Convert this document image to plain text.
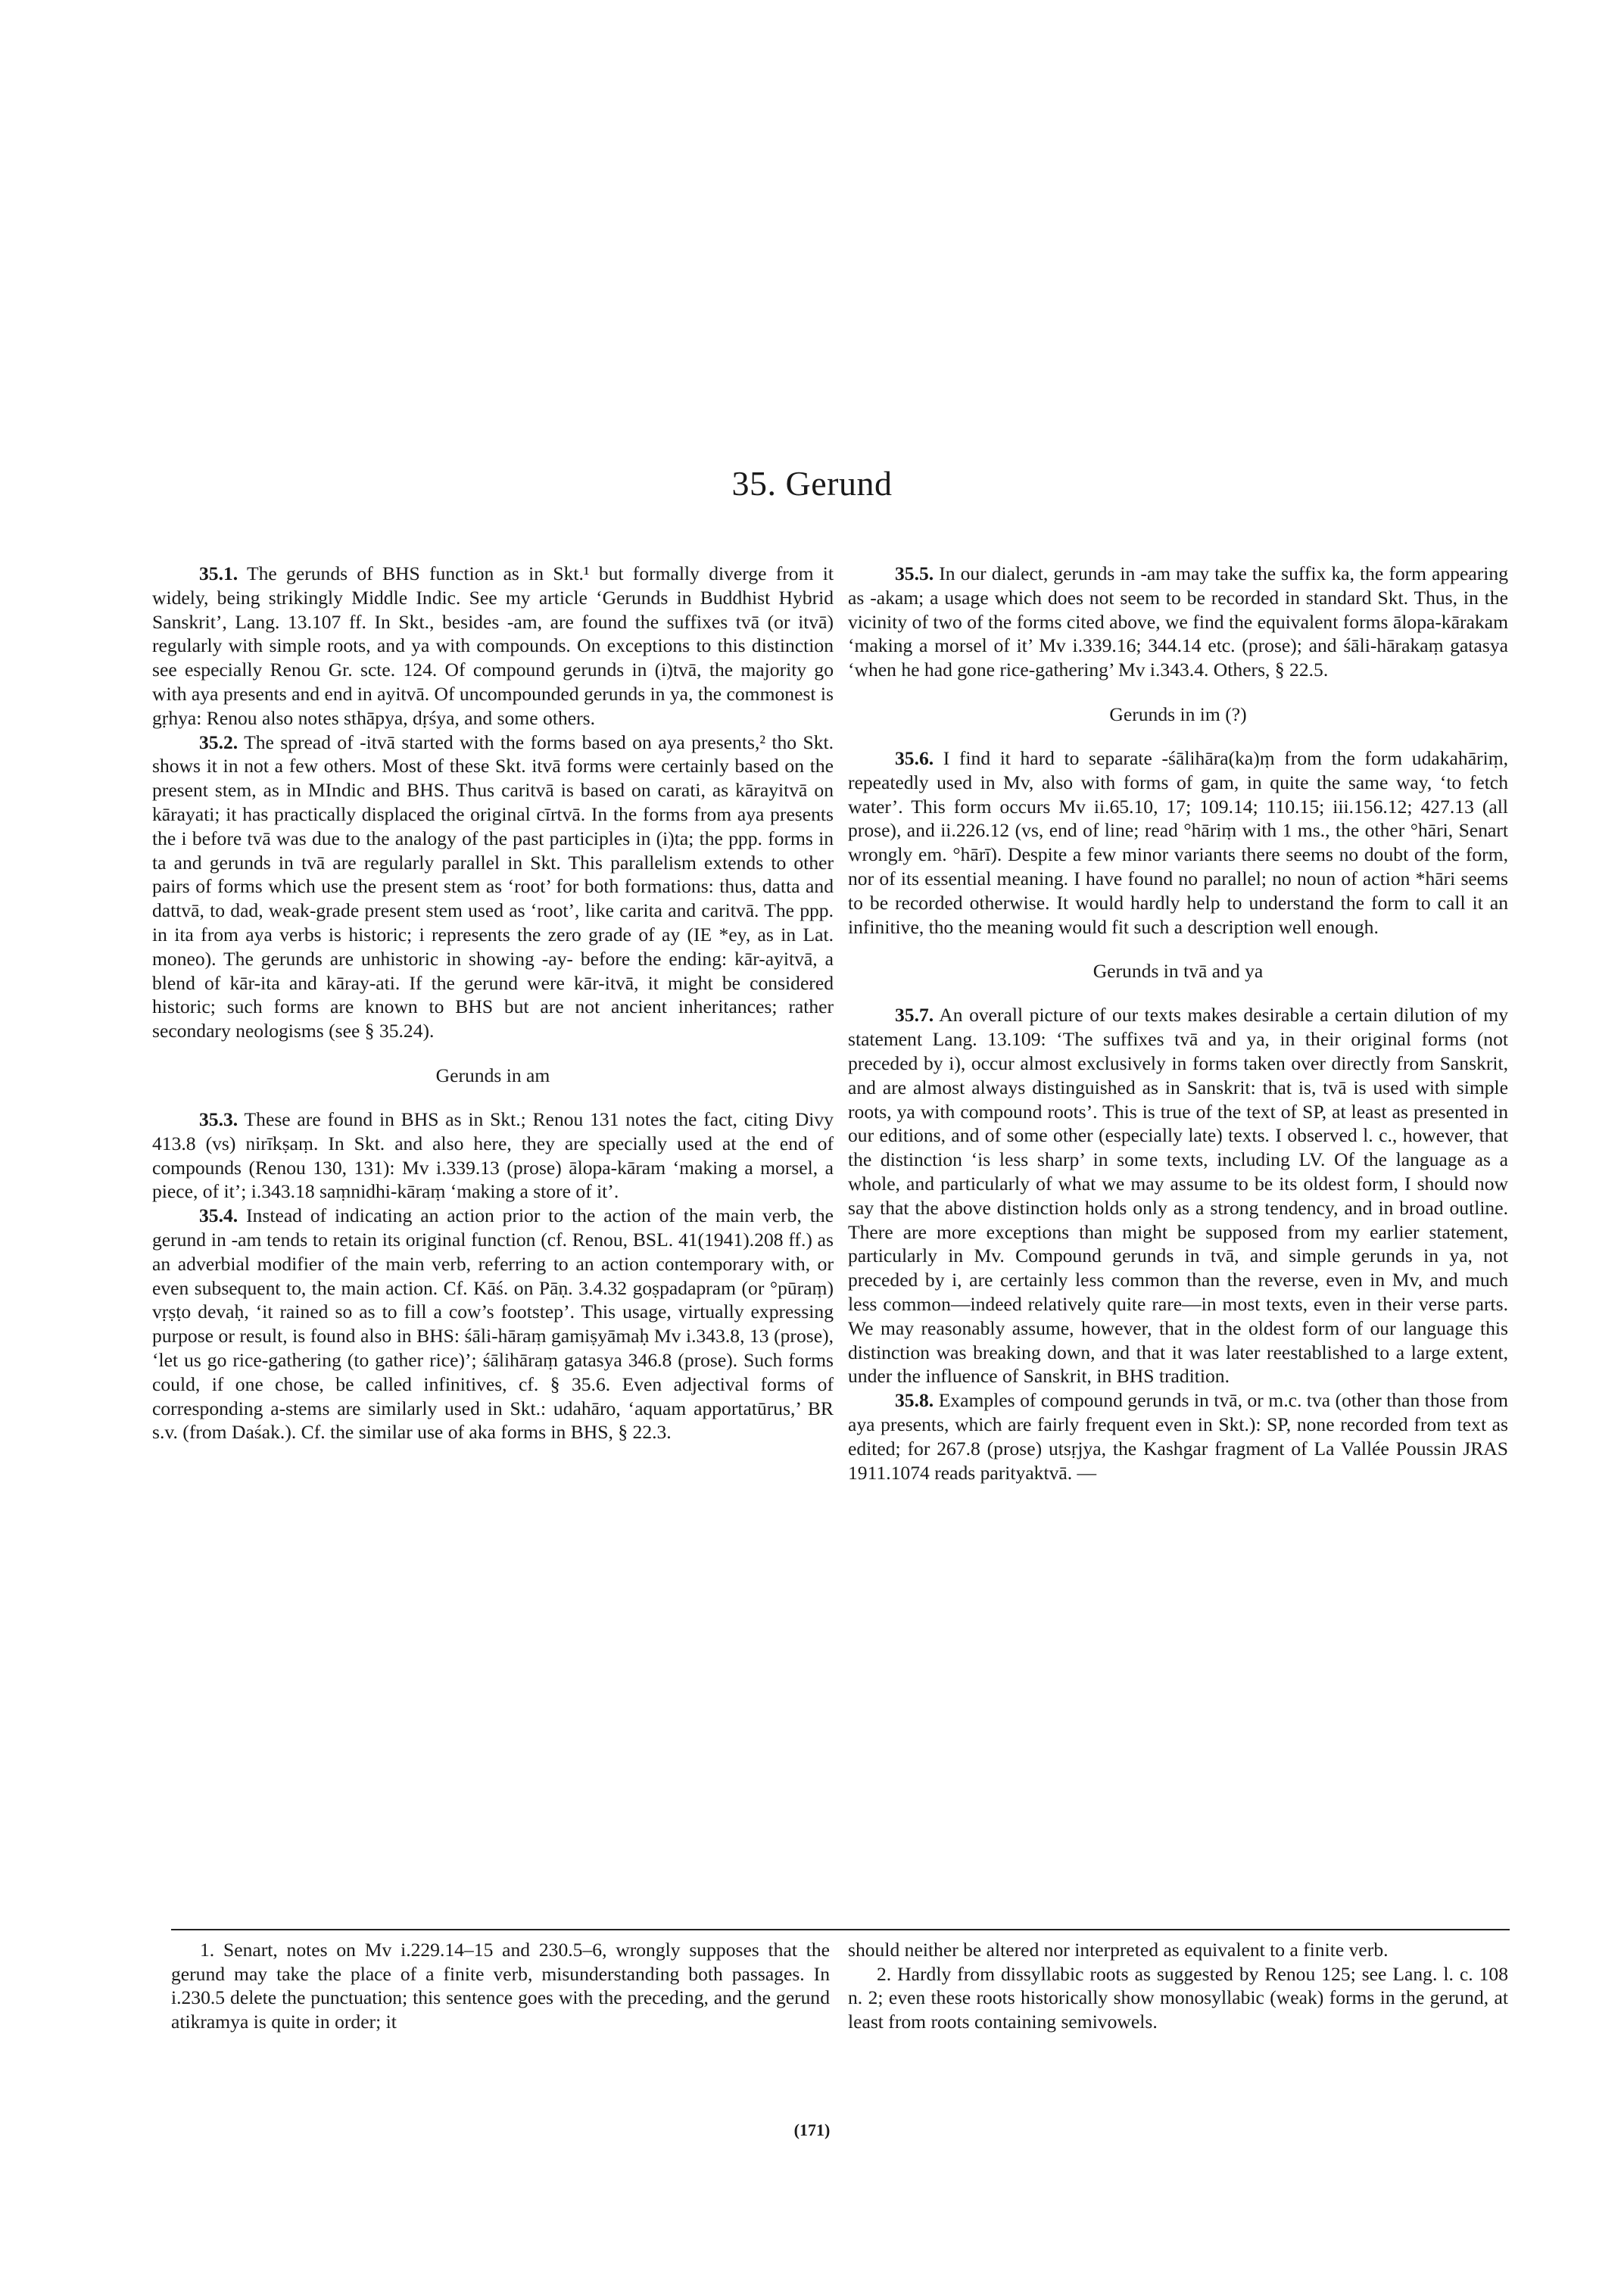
35. Gerund

35.1. The gerunds of BHS function as in Skt.¹ but formally diverge from it widely, being strikingly Middle Indic. See my article ‘Gerunds in Buddhist Hybrid Sanskrit’, Lang. 13.107 ff. In Skt., besides -am, are found the suffixes tvā (or itvā) regularly with simple roots, and ya with compounds. On exceptions to this distinction see especially Renou Gr. scte. 124. Of compound gerunds in (i)tvā, the majority go with aya presents and end in ayitvā. Of uncompounded gerunds in ya, the commonest is gṛhya: Renou also notes sthāpya, dṛśya, and some others.

35.2. The spread of -itvā started with the forms based on aya presents,² tho Skt. shows it in not a few others. Most of these Skt. itvā forms were certainly based on the present stem, as in MIndic and BHS. Thus caritvā is based on carati, as kārayitvā on kārayati; it has practically displaced the original cīrtvā. In the forms from aya presents the i before tvā was due to the analogy of the past participles in (i)ta; the ppp. forms in ta and gerunds in tvā are regularly parallel in Skt. This parallelism extends to other pairs of forms which use the present stem as ‘root’ for both formations: thus, datta and dattvā, to dad, weak-grade present stem used as ‘root’, like carita and caritvā. The ppp. in ita from aya verbs is historic; i represents the zero grade of ay (IE *ey, as in Lat. moneo). The gerunds are unhistoric in showing -ay- before the ending: kār-ayitvā, a blend of kār-ita and kāray-ati. If the gerund were kār-itvā, it might be considered historic; such forms are known to BHS but are not ancient inheritances; rather secondary neologisms (see § 35.24).

Gerunds in am

35.3. These are found in BHS as in Skt.; Renou 131 notes the fact, citing Divy 413.8 (vs) nirīkṣaṃ. In Skt. and also here, they are specially used at the end of compounds (Renou 130, 131): Mv i.339.13 (prose) ālopa-kāram ‘making a morsel, a piece, of it’; i.343.18 saṃnidhi-kāraṃ ‘making a store of it’.

35.4. Instead of indicating an action prior to the action of the main verb, the gerund in -am tends to retain its original function (cf. Renou, BSL. 41(1941).208 ff.) as an adverbial modifier of the main verb, referring to an action contemporary with, or even subsequent to, the main action. Cf. Kāś. on Pāṇ. 3.4.32 goṣpadapram (or °pūraṃ) vṛṣṭo devaḥ, ‘it rained so as to fill a cow’s footstep’. This usage, virtually expressing purpose or result, is found also in BHS: śāli-hāraṃ gamiṣyāmaḥ Mv i.343.8, 13 (prose), ‘let us go rice-gathering (to gather rice)’; śālihāraṃ gatasya 346.8 (prose). Such forms could, if one chose, be called infinitives, cf. § 35.6. Even adjectival forms of corresponding a-stems are similarly used in Skt.: udahāro, ‘aquam apportatūrus,’ BR s.v. (from Daśak.). Cf. the similar use of aka forms in BHS, § 22.3.

35.5. In our dialect, gerunds in -am may take the suffix ka, the form appearing as -akam; a usage which does not seem to be recorded in standard Skt. Thus, in the vicinity of two of the forms cited above, we find the equivalent forms ālopa-kārakam ‘making a morsel of it’ Mv i.339.16; 344.14 etc. (prose); and śāli-hārakaṃ gatasya ‘when he had gone rice-gathering’ Mv i.343.4. Others, § 22.5.

Gerunds in im (?)

35.6. I find it hard to separate -śālihāra(ka)ṃ from the form udakahāriṃ, repeatedly used in Mv, also with forms of gam, in quite the same way, ‘to fetch water’. This form occurs Mv ii.65.10, 17; 109.14; 110.15; iii.156.12; 427.13 (all prose), and ii.226.12 (vs, end of line; read °hāriṃ with 1 ms., the other °hāri, Senart wrongly em. °hārī). Despite a few minor variants there seems no doubt of the form, nor of its essential meaning. I have found no parallel; no noun of action *hāri seems to be recorded otherwise. It would hardly help to understand the form to call it an infinitive, tho the meaning would fit such a description well enough.

Gerunds in tvā and ya

35.7. An overall picture of our texts makes desirable a certain dilution of my statement Lang. 13.109: ‘The suffixes tvā and ya, in their original forms (not preceded by i), occur almost exclusively in forms taken over directly from Sanskrit, and are almost always distinguished as in Sanskrit: that is, tvā is used with simple roots, ya with compound roots’. This is true of the text of SP, at least as presented in our editions, and of some other (especially late) texts. I observed l. c., however, that the distinction ‘is less sharp’ in some texts, including LV. Of the language as a whole, and particularly of what we may assume to be its oldest form, I should now say that the above distinction holds only as a strong tendency, and in broad outline. There are more exceptions than might be supposed from my earlier statement, particularly in Mv. Compound gerunds in tvā, and simple gerunds in ya, not preceded by i, are certainly less common than the reverse, even in Mv, and much less common—indeed relatively quite rare—in most texts, even in their verse parts. We may reasonably assume, however, that in the oldest form of our language this distinction was breaking down, and that it was later reestablished to a large extent, under the influence of Sanskrit, in BHS tradition.

35.8. Examples of compound gerunds in tvā, or m.c. tva (other than those from aya presents, which are fairly frequent even in Skt.): SP, none recorded from text as edited; for 267.8 (prose) utsṛjya, the Kashgar fragment of La Vallée Poussin JRAS 1911.1074 reads parityaktvā. —

1. Senart, notes on Mv i.229.14–15 and 230.5–6, wrongly supposes that the gerund may take the place of a finite verb, misunderstanding both passages. In i.230.5 delete the punctuation; this sentence goes with the preceding, and the gerund atikramya is quite in order; it

should neither be altered nor interpreted as equivalent to a finite verb.

2. Hardly from dissyllabic roots as suggested by Renou 125; see Lang. l. c. 108 n. 2; even these roots historically show monosyllabic (weak) forms in the gerund, at least from roots containing semivowels.

(171)
